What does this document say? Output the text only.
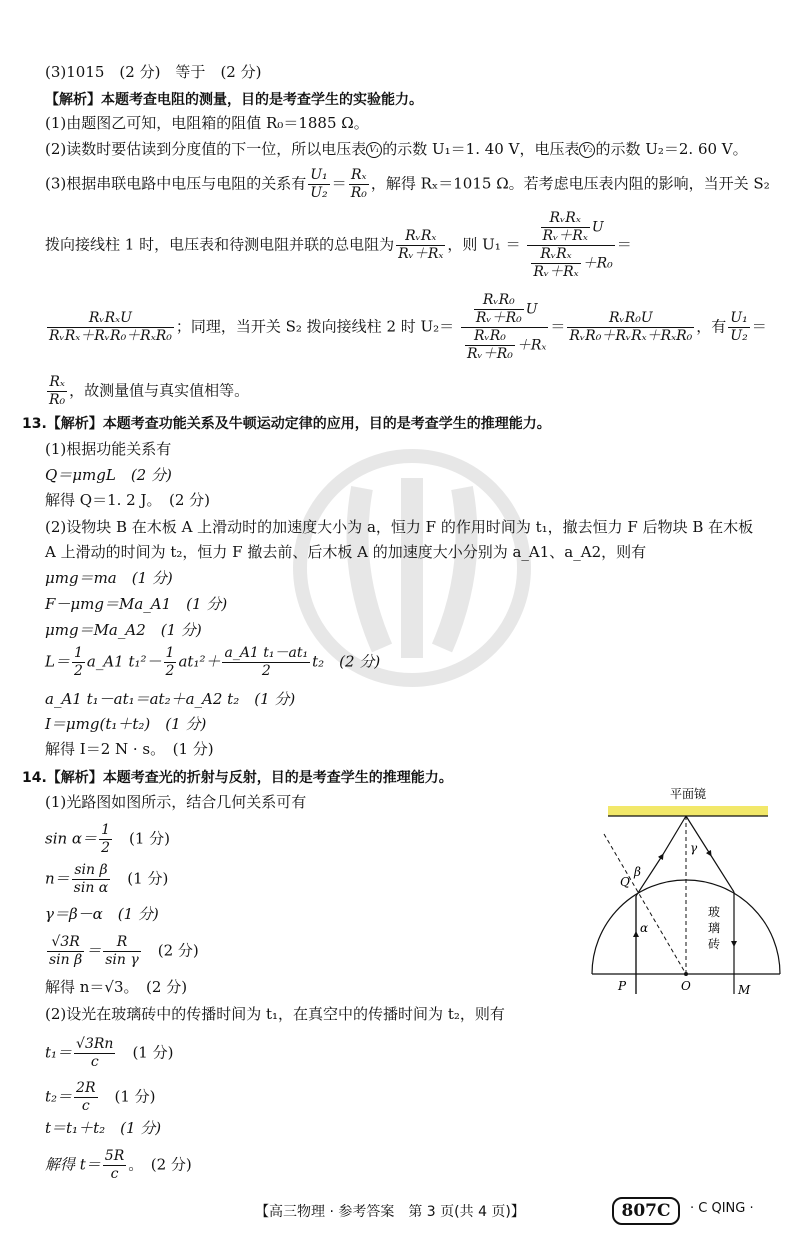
(3)1015　(2 分)　等于　(2 分)
【解析】本题考查电阻的测量，目的是考查学生的实验能力。
(1)由题图乙可知，电阻箱的阻值 R₀＝1885 Ω。
(2)读数时要估读到分度值的下一位，所以电压表 V₁ 的示数 U₁＝1. 40 V，电压表 V₂ 的示数 U₂＝2. 60 V。
(3)根据串联电路中电压与电阻的关系有 $\frac{\text{U₁}}{\text{U₂}} = \frac{\text{Rₓ}}{\text{R₀}}$ ，解得 Rₓ＝1015 Ω。若考虑电压表内阻的影响，当开关 S₂
拨向接线柱 1 时，电压表和待测电阻并联的总电阻为 $\frac{\text{RᵥRₓ}}{\text{Rᵥ＋Rₓ}}$ ，则 $U_1 = \frac{\frac{\text{RᵥRₓ}}{\text{Rᵥ＋Rₓ}} U}{\frac{\text{RᵥRₓ}}{\text{Rᵥ＋Rₓ}} +R_0}$ ＝
$\frac{\text{RᵥRₓU}}{\text{RᵥRₓ＋RᵥR₀＋RₓR₀}}$ ；同理，当开关 S₂ 拨向接线柱 2 时 $U_2= \frac{\frac{\text{RᵥR₀}}{\text{Rᵥ＋R₀}} U}{\frac{\text{RᵥR₀}}{\text{Rᵥ＋R₀}} +R_x} = \frac{\text{RᵥR₀U}}{\text{RᵥR₀＋RᵥRₓ＋RₓR₀}}$ ，有 $\frac{\text{U₁}}{\text{U₂}}$ ＝
$\frac{\text{Rₓ}}{\text{R₀}}$ ，故测量值与真实值相等。
13.【解析】本题考查功能关系及牛顿运动定律的应用，目的是考查学生的推理能力。
(1)根据功能关系有
Q＝μmgL　(2 分)
解得 Q＝1. 2 J。　(2 分)
(2)设物块 B 在木板 A 上滑动时的加速度大小为 a，恒力 F 的作用时间为 t₁，撤去恒力 F 后物块 B 在木板
A 上滑动的时间为 t₂，恒力 F 撤去前、后木板 A 的加速度大小分别为 a_A1、a_A2，则有
μmg＝ma　(1 分)
F－μmg＝Ma_A1　(1 分)
μmg＝Ma_A2　(1 分)
$L= \frac{1}{2}$ a_A1 $t_1^2- \frac{1}{2} at_1^2+ \frac{\text{a\_A1 t₁－at₁}}{2} t_2$　(2 分)
a_A1 t₁－at₁＝at₂＋a_A2 t₂　(1 分)
I＝μmg(t₁＋t₂)　(1 分)
解得 I＝2 N · s。　(1 分)
14.【解析】本题考查光的折射与反射，目的是考查学生的推理能力。
(1)光路图如图所示，结合几何关系可有
$\sin \alpha= \frac{1}{2}$
　 (1 分)
$n= \frac{\text{sin β}}{\text{sin α}}$
　 (1 分)
γ＝β－α　(1 分)
$\frac{√3R}{\text{sin β}} = \frac{R}{\text{sin γ}}$
　 (2 分)
解得 n＝√3。　(2 分)
(2)设光在玻璃砖中的传播时间为 t₁，在真空中的传播时间为 t₂，则有
$t_1= \frac{√3Rn}{c}$
　 (1 分)
$t_2= \frac{2R}{c}$
　 (1 分)
t＝t₁＋t₂　(1 分)
解得 $t= \frac{5R}{c}$ 。　(2 分)
平面镜
Q
P	O	M
α
β
γ
玻
璃
砖
【高三物理 · 参考答案　第 3 页(共 4 页)】	807C	· C QING ·
